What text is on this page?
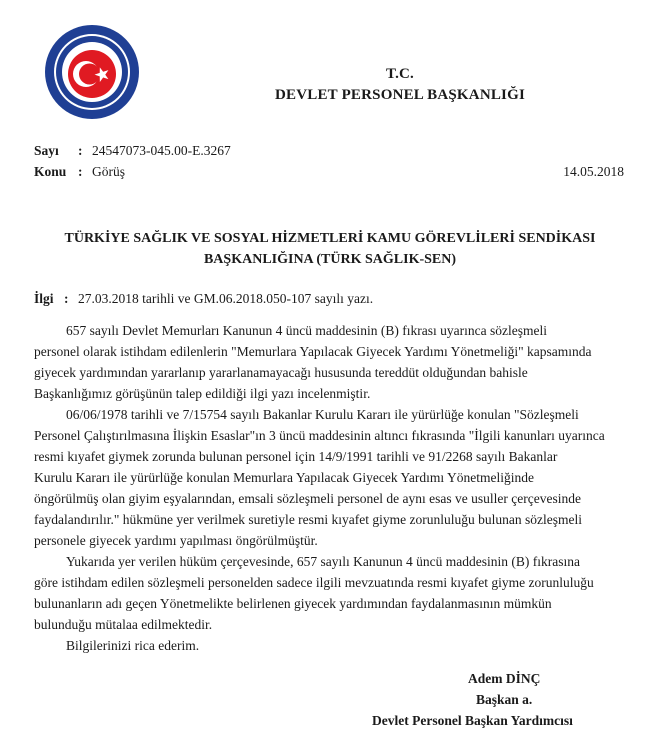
T.C.
DEVLET PERSONEL BAŞKANLIĞI
Sayı : 24547073-045.00-E.3267
Konu : Görüş	14.05.2018
TÜRKİYE SAĞLIK VE SOSYAL HİZMETLERİ KAMU GÖREVLİLERİ SENDİKASI
BAŞKANLIĞINA (TÜRK SAĞLIK-SEN)
İlgi : 27.03.2018 tarihli ve GM.06.2018.050-107 sayılı yazı.
657 sayılı Devlet Memurları Kanunun 4 üncü maddesinin (B) fıkrası uyarınca sözleşmeli
personel olarak istihdam edilenlerin "Memurlara Yapılacak Giyecek Yardımı Yönetmeliği" kapsamında
giyecek yardımından yararlanıp yararlanamayacağı hususunda tereddüt olduğundan bahisle
Başkanlığımız görüşünün talep edildiği ilgi yazı incelenmiştir.
06/06/1978 tarihli ve 7/15754 sayılı Bakanlar Kurulu Kararı ile yürürlüğe konulan "Sözleşmeli
Personel Çalıştırılmasına İlişkin Esaslar"ın 3 üncü maddesinin altıncı fıkrasında "İlgili kanunları uyarınca
resmi kıyafet giymek zorunda bulunan personel için 14/9/1991 tarihli ve 91/2268 sayılı Bakanlar
Kurulu Kararı ile yürürlüğe konulan Memurlara Yapılacak Giyecek Yardımı Yönetmeliğinde
öngörülmüş olan giyim eşyalarından, emsali sözleşmeli personel de aynı esas ve usuller çerçevesinde
faydalandırılır." hükmüne yer verilmek suretiyle resmi kıyafet giyme zorunluluğu bulunan sözleşmeli
personele giyecek yardımı yapılması öngörülmüştür.
Yukarıda yer verilen hüküm çerçevesinde, 657 sayılı Kanunun 4 üncü maddesinin (B) fıkrasına
göre istihdam edilen sözleşmeli personelden sadece ilgili mevzuatında resmi kıyafet giyme zorunluluğu
bulunanların adı geçen Yönetmelikte belirlenen giyecek yardımından faydalanmasının mümkün
bulunduğu mütalaa edilmektedir.
Bilgilerinizi rica ederim.
Adem DİNÇ
Başkan a.
Devlet Personel Başkan Yardımcısı
